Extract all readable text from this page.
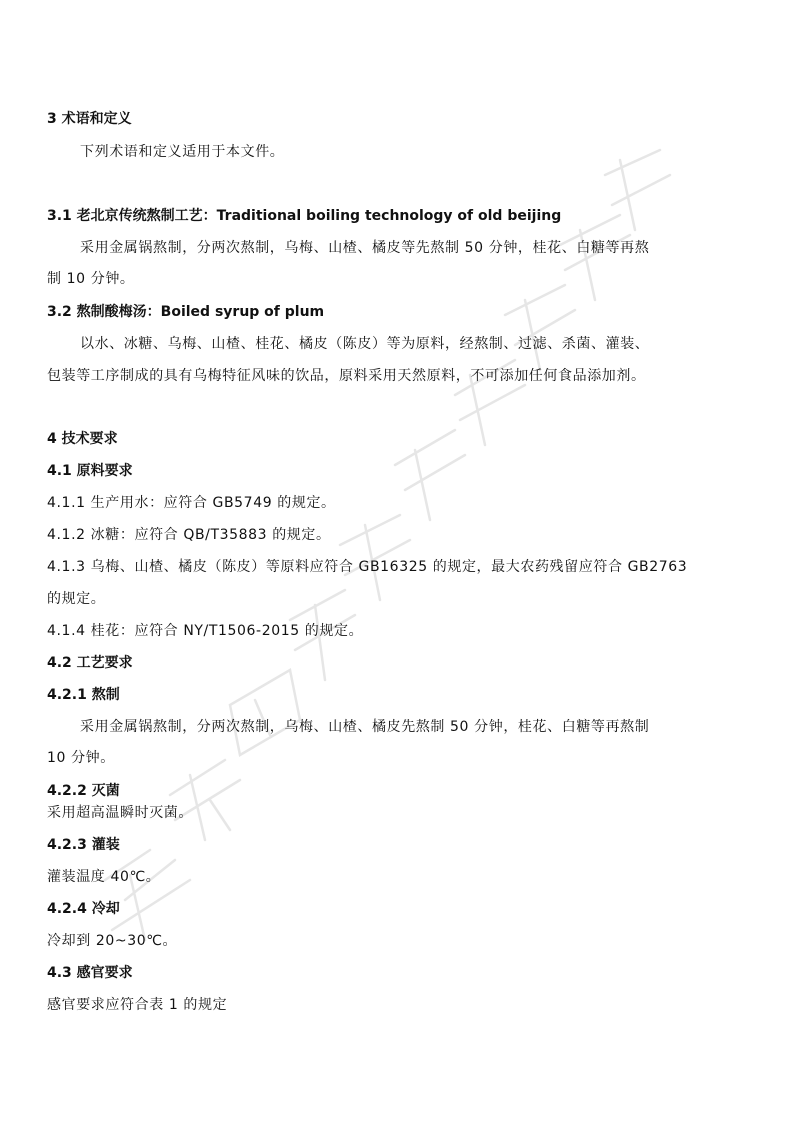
3 术语和定义
下列术语和定义适用于本文件。
3.1 老北京传统熬制工艺：Traditional boiling technology of old beijing
采用金属锅熬制，分两次熬制，乌梅、山楂、橘皮等先熬制 50 分钟，桂花、白糖等再熬
制 10 分钟。
3.2 熬制酸梅汤：Boiled syrup of plum
以水、冰糖、乌梅、山楂、桂花、橘皮（陈皮）等为原料，经熬制、过滤、杀菌、灌装、
包装等工序制成的具有乌梅特征风味的饮品，原料采用天然原料，不可添加任何食品添加剂。
4 技术要求
4.1 原料要求
4.1.1 生产用水：应符合 GB5749 的规定。
4.1.2 冰糖：应符合 QB/T35883 的规定。
4.1.3 乌梅、山楂、橘皮（陈皮）等原料应符合 GB16325 的规定，最大农药残留应符合 GB2763
的规定。
4.1.4 桂花：应符合 NY/T1506-2015 的规定。
4.2 工艺要求
4.2.1 熬制
采用金属锅熬制，分两次熬制，乌梅、山楂、橘皮先熬制 50 分钟，桂花、白糖等再熬制
10 分钟。
4.2.2 灭菌
采用超高温瞬时灭菌。
4.2.3 灌装
灌装温度 40℃。
4.2.4 冷却
冷却到 20~30℃。
4.3 感官要求
感官要求应符合表 1 的规定
